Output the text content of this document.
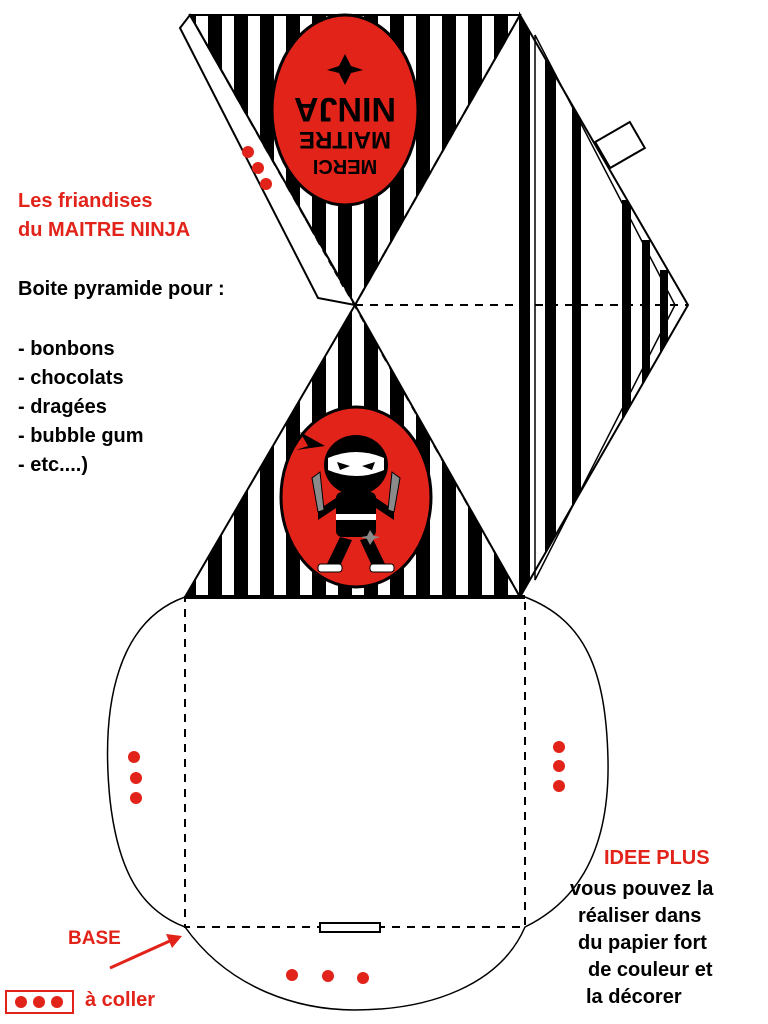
MERCI
MAITRE
NINJA

Les friandises

du MAITRE NINJA

Boite pyramide pour :

- bonbons
- chocolats
- dragées
- bubble gum
- etc....)

IDEE PLUS

vous pouvez la
réaliser dans
du papier fort
de couleur et
la décorer

BASE

à coller
